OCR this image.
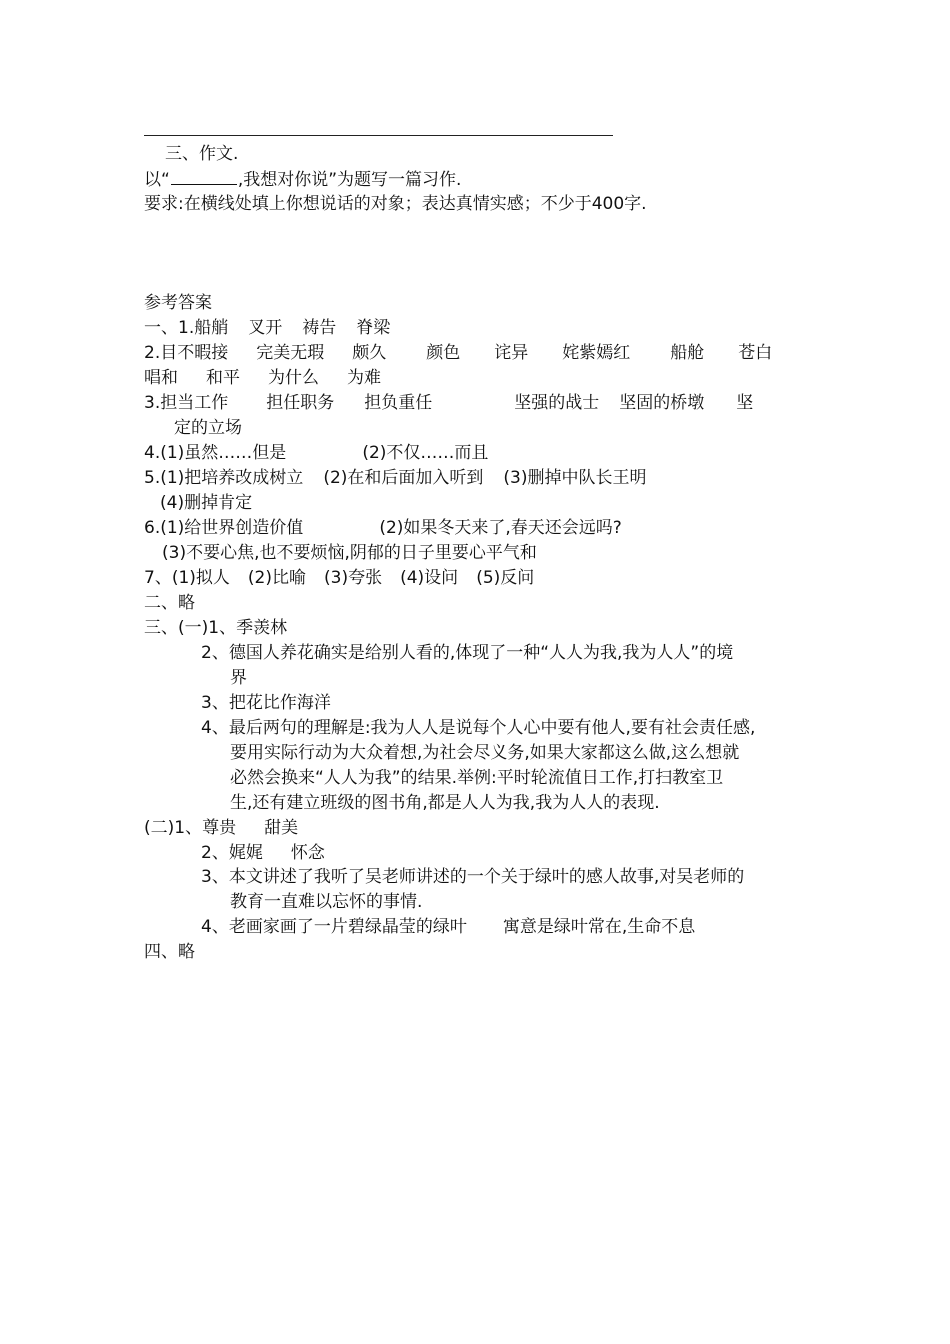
三、作文.
以“	,我想对你说”为题写一篇习作.
要求:在横线处填上你想说话的对象；表达真情实感；不少于400字.
参考答案
一、1.船艄 叉开 祷告 脊梁
2.目不暇接 完美无瑕 颇久 颜色 诧异 姹紫嫣红 船舱 苍白
唱和 和平 为什么 为难
3.担当工作 担任职务 担负重任	坚强的战士 坚固的桥墩 坚
定的立场
4.(1)虽然……但是	(2)不仅……而且
5.(1)把培养改成树立 (2)在和后面加入听到 (3)删掉中队长王明
(4)删掉肯定
6.(1)给世界创造价值	(2)如果冬天来了,春天还会远吗?
(3)不要心焦,也不要烦恼,阴郁的日子里要心平气和
7、(1)拟人 (2)比喻 (3)夸张 (4)设问 (5)反问
二、略
三、(一)1、季羡林
2、德国人养花确实是给别人看的,体现了一种“人人为我,我为人人”的境
界
3、把花比作海洋
4、最后两句的理解是:我为人人是说每个人心中要有他人,要有社会责任感,
要用实际行动为大众着想,为社会尽义务,如果大家都这么做,这么想就
必然会换来“人人为我”的结果.举例:平时轮流值日工作,打扫教室卫
生,还有建立班级的图书角,都是人人为我,我为人人的表现.
(二)1、尊贵 甜美
2、娓娓 怀念
3、本文讲述了我听了吴老师讲述的一个关于绿叶的感人故事,对吴老师的
教育一直难以忘怀的事情.
4、老画家画了一片碧绿晶莹的绿叶 寓意是绿叶常在,生命不息
四、略
